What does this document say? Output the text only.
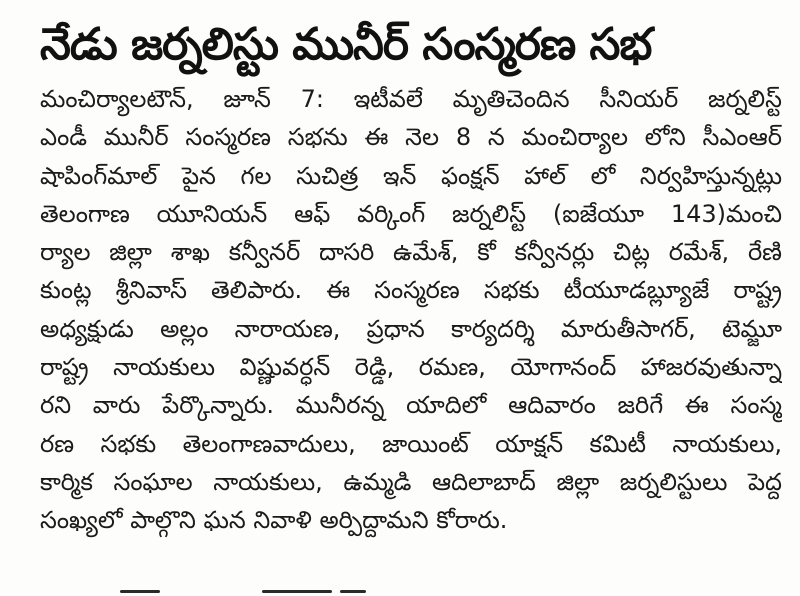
నేడు జర్నలిస్టు మునీర్ సంస్మరణ సభ
మంచిర్యాలటౌన్, జూన్ 7: ఇటీవలే మృతిచెందిన సీనియర్ జర్నలిస్ట్
ఎండీ మునీర్ సంస్మరణ సభను ఈ నెల 8 న మంచిర్యాల లోని సీఎంఆర్
షాపింగ్‌మాల్ పైన గల సుచిత్ర ఇన్ ఫంక్షన్ హాల్ లో నిర్వహిస్తున్నట్లు
తెలంగాణ యూనియన్ ఆఫ్ వర్కింగ్ జర్నలిస్ట్ (ఐజేయూ 143)మంచి
ర్యాల జిల్లా శాఖ కన్వీనర్ దాసరి ఉమేశ్, కో కన్వీనర్లు చిట్ల రమేశ్, రేణి
కుంట్ల శ్రీనివాస్ తెలిపారు. ఈ సంస్మరణ సభకు టీయూడబ్ల్యూజే రాష్ట్ర
అధ్యక్షుడు అల్లం నారాయణ, ప్రధాన కార్యదర్శి మారుతీసాగర్, టెమ్జూ
రాష్ట్ర నాయకులు విష్ణువర్ధన్ రెడ్డి, రమణ, యోగానంద్ హాజరవుతున్నా
రని వారు పేర్కొన్నారు. మునీరన్న యాదిలో ఆదివారం జరిగే ఈ సంస్మ
రణ సభకు తెలంగాణవాదులు, జాయింట్ యాక్షన్ కమిటీ నాయకులు,
కార్మిక సంఘాల నాయకులు, ఉమ్మడి ఆదిలాబాద్ జిల్లా జర్నలిస్టులు పెద్ద
సంఖ్యలో పాల్గొని ఘన నివాళి అర్పిద్దామని కోరారు.
